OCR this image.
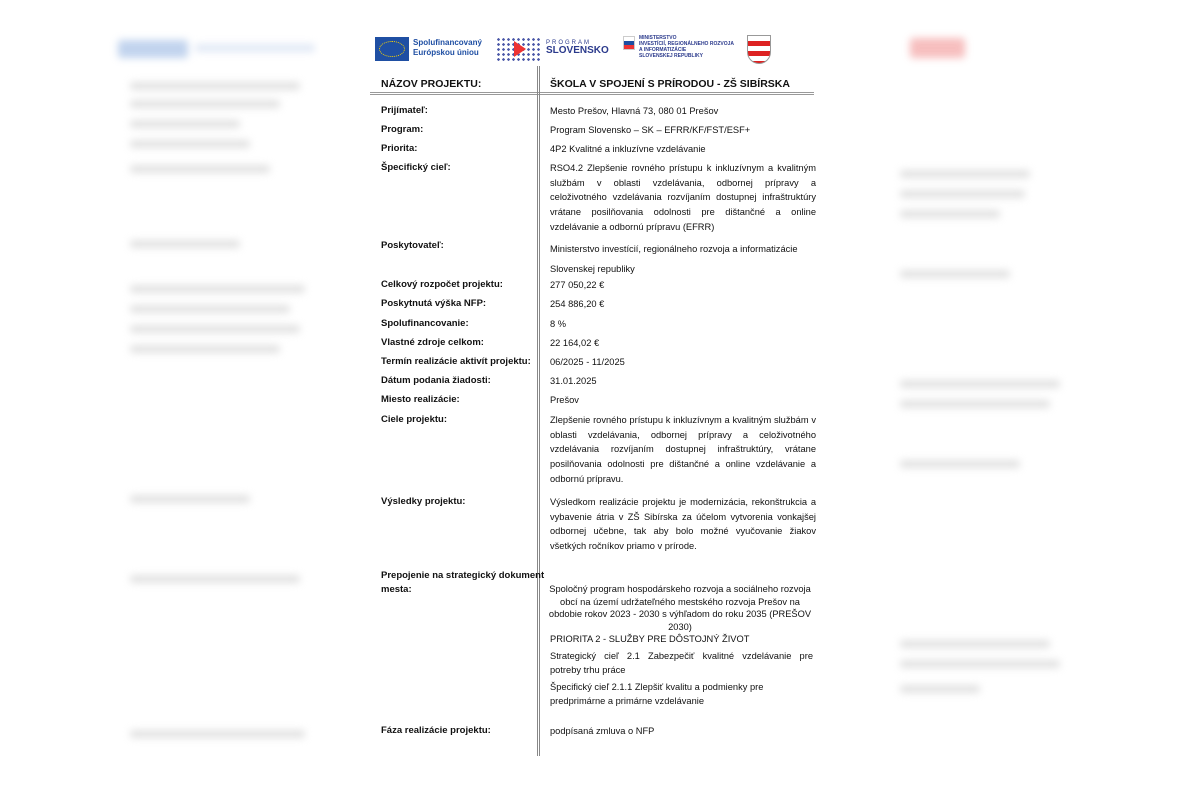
Spolufinancovaný Európskou úniou
PROGRAM
SLOVENSKO
MINISTERSTVO
INVESTÍCIÍ, REGIONÁLNEHO ROZVOJA
A INFORMATIZÁCIE
SLOVENSKEJ REPUBLIKY
NÁZOV PROJEKTU:	ŠKOLA V SPOJENÍ S PRÍRODOU - ZŠ SIBÍRSKA
Prijímateľ:	Mesto Prešov, Hlavná 73, 080 01 Prešov
Program:	Program Slovensko – SK – EFRR/KF/FST/ESF+
Priorita:	4P2 Kvalitné a inkluzívne vzdelávanie
Špecifický cieľ:	RSO4.2 Zlepšenie rovného prístupu k inkluzívnym a kvalitným službám v oblasti vzdelávania, odbornej prípravy a celoživotného vzdelávania rozvíjaním dostupnej infraštruktúry vrátane posilňovania odolnosti pre dištančné a online vzdelávanie a odbornú prípravu (EFRR)
Poskytovateľ:	Ministerstvo investícií, regionálneho rozvoja a informatizácie

Slovenskej republiky

Celkový rozpočet projektu:	277 050,22 €
Poskytnutá výška NFP:	254 886,20 €
Spolufinancovanie:	8 %
Vlastné zdroje celkom:	22 164,02 €
Termín realizácie aktivít projektu:	06/2025 - 11/2025
Dátum podania žiadosti:	31.01.2025
Miesto realizácie:	Prešov
Ciele projektu:	Zlepšenie rovného prístupu k inkluzívnym a kvalitným službám v oblasti vzdelávania, odbornej prípravy a celoživotného vzdelávania rozvíjaním dostupnej infraštruktúry, vrátane posilňovania odolnosti pre dištančné a online vzdelávanie a odbornú prípravu.
Výsledky projektu:	Výsledkom realizácie projektu je modernizácia, rekonštrukcia a vybavenie átria v ZŠ Sibírska za účelom vytvorenia vonkajšej odbornej učebne, tak aby bolo možné vyučovanie žiakov všetkých ročníkov priamo v prírode.
Prepojenie na strategický dokument mesta:	Spoločný program hospodárskeho rozvoja a sociálneho rozvoja obcí na území udržateľného mestského rozvoja Prešov na obdobie rokov 2023 - 2030 s výhľadom do roku 2035 (PREŠOV 2030)

PRIORITA 2 - SLUŽBY PRE DÔSTOJNÝ ŽIVOT

Strategický cieľ 2.1 Zabezpečiť kvalitné vzdelávanie pre potreby trhu práce

Špecifický cieľ 2.1.1 Zlepšiť kvalitu a podmienky pre predprimárne a primárne vzdelávanie

Fáza realizácie projektu:	podpísaná zmluva o NFP
